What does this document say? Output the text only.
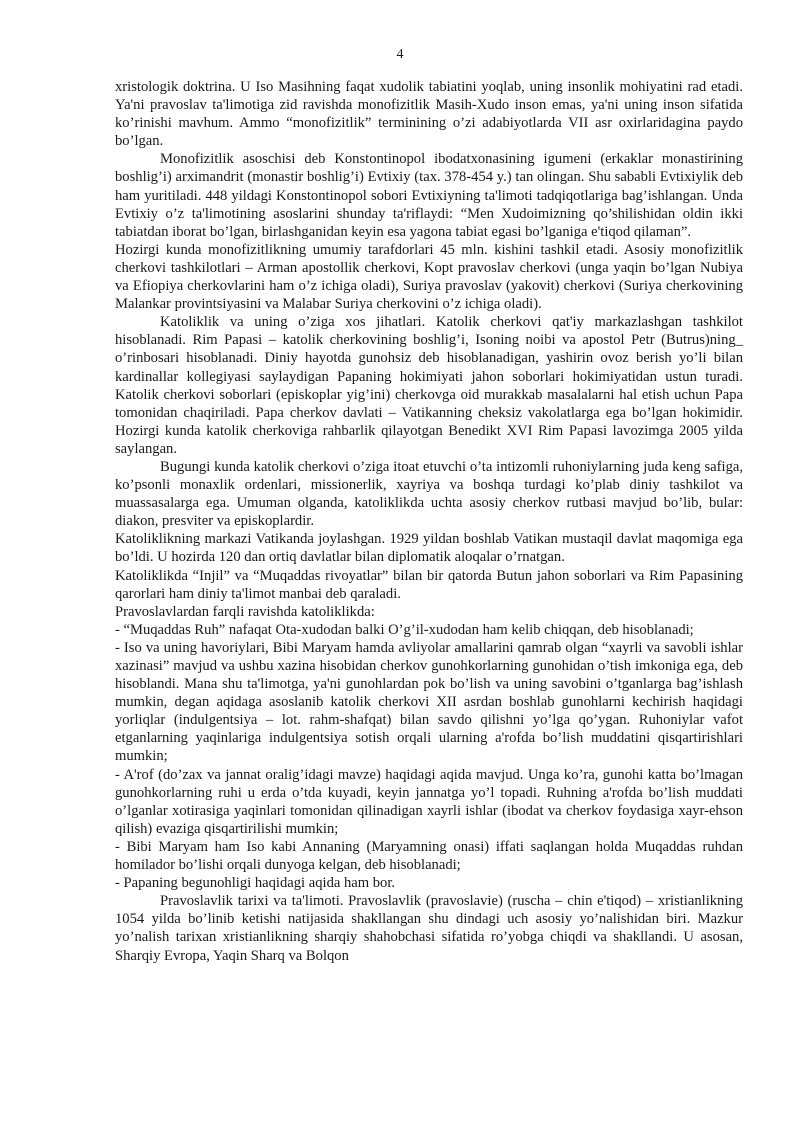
4

xristologik doktrina. U Iso Masihning faqat xudolik tabiatini yoqlab, uning insonlik mohiyatini rad etadi. Ya'ni pravoslav ta'limotiga zid ravishda monofizitlik Masih-Xudo inson emas, ya'ni uning inson sifatida ko’rinishi mavhum. Ammo “monofizitlik” terminining o’zi adabiyotlarda VII asr oxirlaridagina paydo bo’lgan.

Monofizitlik asoschisi deb Konstontinopol ibodatxonasining igumeni (erkaklar monastirining boshlig’i) arximandrit (monastir boshlig’i) Evtixiy (tax. 378-454 y.) tan olingan. Shu sababli Evtixiylik deb ham yuritiladi. 448 yildagi Konstontinopol sobori Evtixiyning ta'limoti tadqiqotlariga bag’ishlangan. Unda Evtixiy o’z ta'limotining asoslarini shunday ta'riflaydi: “Men Xudoimizning qo’shilishidan oldin ikki tabiatdan iborat bo’lgan, birlashganidan keyin esa yagona tabiat egasi bo’lganiga e'tiqod qilaman”.

Hozirgi kunda monofizitlikning umumiy tarafdorlari 45 mln. kishini tashkil etadi. Asosiy monofizitlik cherkovi tashkilotlari – Arman apostollik cherkovi, Kopt pravoslav cherkovi (unga yaqin bo’lgan Nubiya va Efiopiya cherkovlarini ham o’z ichiga oladi), Suriya pravoslav (yakovit) cherkovi (Suriya cherkovining Malankar provintsiyasini va Malabar Suriya cherkovini o’z ichiga oladi).

Katoliklik va uning o’ziga xos jihatlari. Katolik cherkovi qat'iy markazlashgan tashkilot hisoblanadi. Rim Papasi – katolik cherkovining boshlig’i, Isoning noibi va apostol Petr (Butrus)ning_ o’rinbosari hisoblanadi. Diniy hayotda gunohsiz deb hisoblanadigan, yashirin ovoz berish yo’li bilan kardinallar kollegiyasi saylaydigan Papaning hokimiyati jahon soborlari hokimiyatidan ustun turadi. Katolik cherkovi soborlari (episkoplar yig’ini) cherkovga oid murakkab masalalarni hal etish uchun Papa tomonidan chaqiriladi. Papa cherkov davlati – Vatikanning cheksiz vakolatlarga ega bo’lgan hokimidir. Hozirgi kunda katolik cherkoviga rahbarlik qilayotgan Benedikt XVI Rim Papasi lavozimga 2005 yilda saylangan.

Bugungi kunda katolik cherkovi o’ziga itoat etuvchi o’ta intizomli ruhoniylarning juda keng safiga, ko’psonli monaxlik ordenlari, missionerlik, xayriya va boshqa turdagi ko’plab diniy tashkilot va muassasalarga ega. Umuman olganda, katoliklikda uchta asosiy cherkov rutbasi mavjud bo’lib, bular: diakon, presviter va episkoplardir.

Katoliklikning markazi Vatikanda joylashgan. 1929 yildan boshlab Vatikan mustaqil davlat maqomiga ega bo’ldi. U hozirda 120 dan ortiq davlatlar bilan diplomatik aloqalar o’rnatgan.

Katoliklikda “Injil” va “Muqaddas rivoyatlar” bilan bir qatorda Butun jahon soborlari va Rim Papasining qarorlari ham diniy ta'limot manbai deb qaraladi.

Pravoslavlardan farqli ravishda katoliklikda:

- “Muqaddas Ruh” nafaqat Ota-xudodan balki O’g’il-xudodan ham kelib chiqqan, deb hisoblanadi;

- Iso va uning havoriylari, Bibi Maryam hamda avliyolar amallarini qamrab olgan “xayrli va savobli ishlar xazinasi” mavjud va ushbu xazina hisobidan cherkov gunohkorlarning gunohidan o’tish imkoniga ega, deb hisoblandi. Mana shu ta'limotga, ya'ni gunohlardan pok bo’lish va uning savobini o’tganlarga bag’ishlash mumkin, degan aqidaga asoslanib katolik cherkovi XII asrdan boshlab gunohlarni kechirish haqidagi yorliqlar (indulgentsiya – lot. rahm-shafqat) bilan savdo qilishni yo’lga qo’ygan. Ruhoniylar vafot etganlarning yaqinlariga indulgentsiya sotish orqali ularning a'rofda bo’lish muddatini qisqartirishlari mumkin;

- A'rof (do’zax va jannat oralig’idagi mavze) haqidagi aqida mavjud. Unga ko’ra, gunohi katta bo’lmagan gunohkorlarning ruhi u erda o’tda kuyadi, keyin jannatga yo’l topadi. Ruhning a'rofda bo’lish muddati o’lganlar xotirasiga yaqinlari tomonidan qilinadigan xayrli ishlar (ibodat va cherkov foydasiga xayr-ehson qilish) evaziga qisqartirilishi mumkin;

- Bibi Maryam ham Iso kabi Annaning (Maryamning onasi) iffati saqlangan holda Muqaddas ruhdan homilador bo’lishi orqali dunyoga kelgan, deb hisoblanadi;

- Papaning begunohligi haqidagi aqida ham bor.

Pravoslavlik tarixi va ta'limoti. Pravoslavlik (pravoslavie) (ruscha – chin e'tiqod) – xristianlikning 1054 yilda bo’linib ketishi natijasida shakllangan shu dindagi uch asosiy yo’nalishidan biri. Mazkur yo’nalish tarixan xristianlikning sharqiy shahobchasi sifatida ro’yobga chiqdi va shakllandi. U asosan, Sharqiy Evropa, Yaqin Sharq va Bolqon
